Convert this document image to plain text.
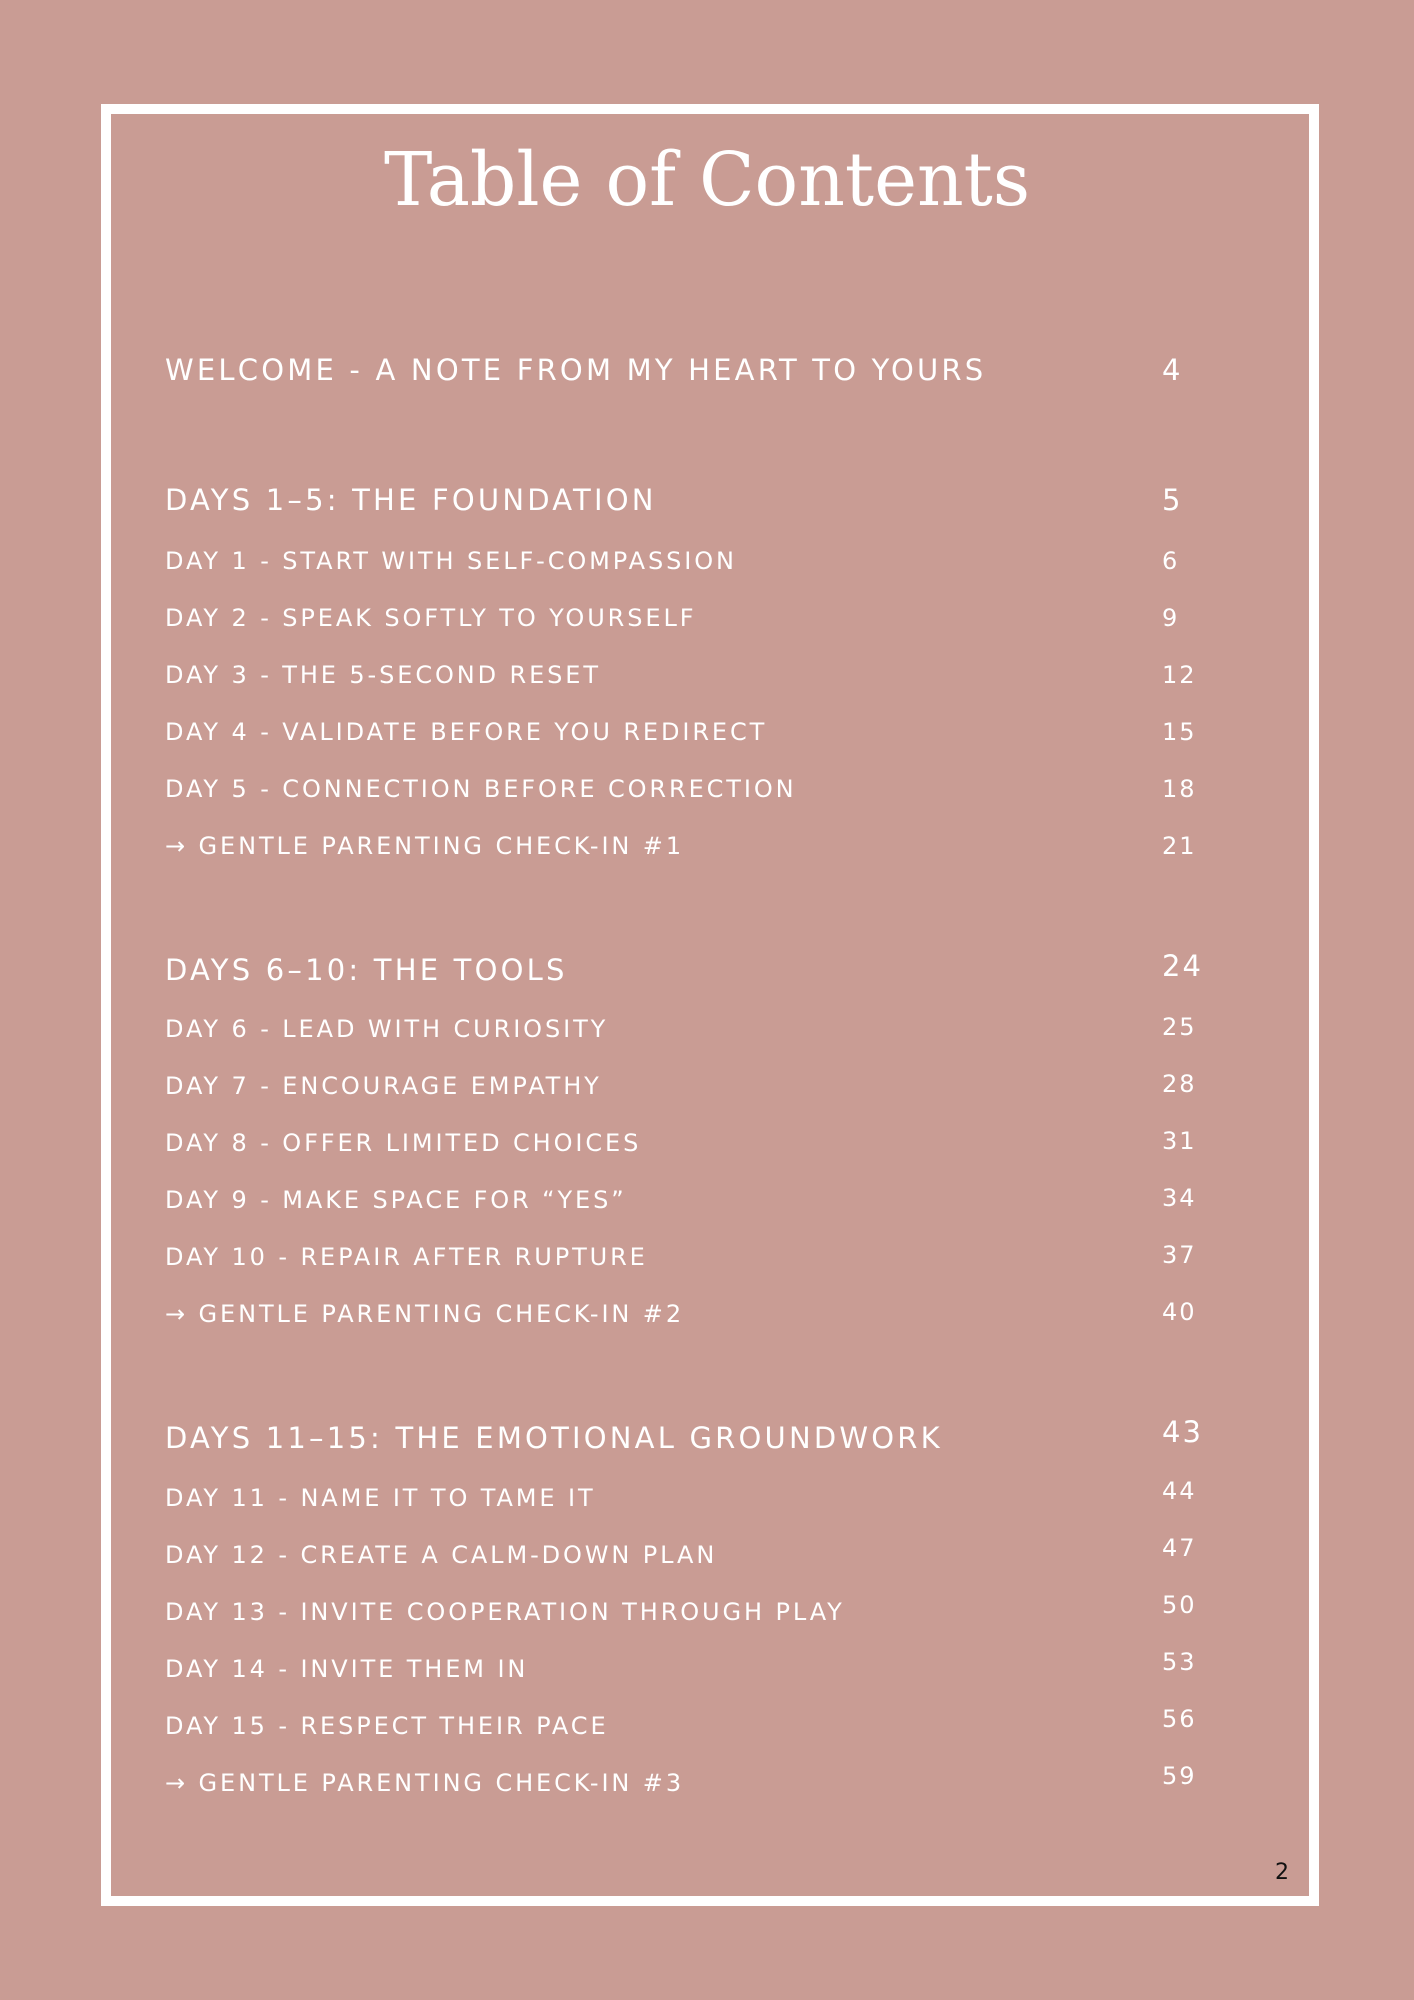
Table of Contents
WELCOME - A NOTE FROM MY HEART TO YOURS	4
DAYS 1–5: THE FOUNDATION	5
DAY 1 - START WITH SELF-COMPASSION	6
DAY 2 - SPEAK SOFTLY TO YOURSELF	9
DAY 3 - THE 5-SECOND RESET	12
DAY 4 - VALIDATE BEFORE YOU REDIRECT	15
DAY 5 - CONNECTION BEFORE CORRECTION	18
→ GENTLE PARENTING CHECK-IN #1	21
DAYS 6–10: THE TOOLS	24
DAY 6 - LEAD WITH CURIOSITY	25
DAY 7 - ENCOURAGE EMPATHY	28
DAY 8 - OFFER LIMITED CHOICES	31
DAY 9 - MAKE SPACE FOR “YES”	34
DAY 10 - REPAIR AFTER RUPTURE	37
→ GENTLE PARENTING CHECK-IN #2	40
DAYS 11–15: THE EMOTIONAL GROUNDWORK	43
DAY 11 - NAME IT TO TAME IT	44
DAY 12 - CREATE A CALM-DOWN PLAN	47
DAY 13 - INVITE COOPERATION THROUGH PLAY	50
DAY 14 - INVITE THEM IN	53
DAY 15 - RESPECT THEIR PACE	56
→ GENTLE PARENTING CHECK-IN #3	59
2
